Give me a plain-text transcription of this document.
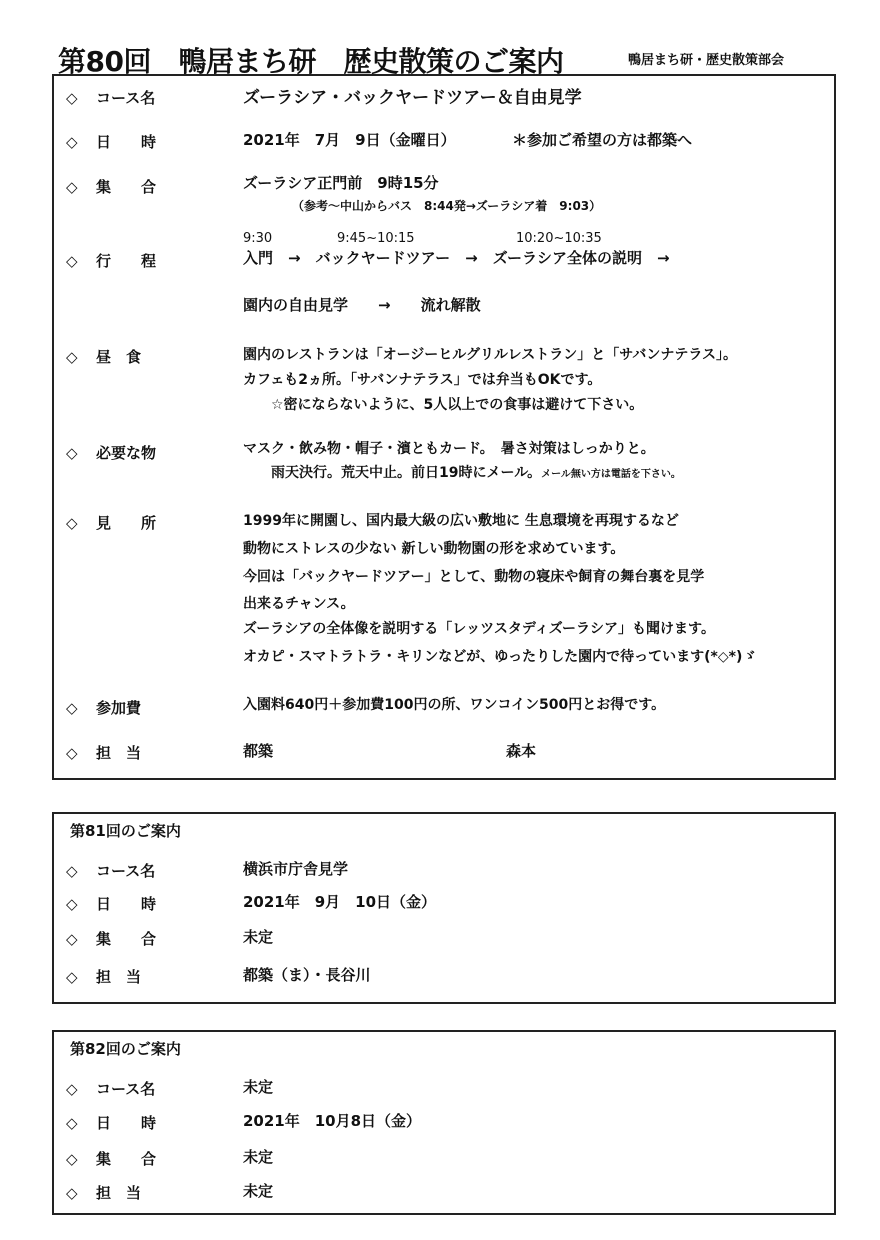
第80回　鴨居まち研　歴史散策のご案内	鴨居まち研・歴史散策部会
◇ コース名	ズーラシア・バックヤードツアー＆自由見学
◇ 日　　時	2021年　7月　9日（金曜日）	＊参加ご希望の方は都築へ
◇ 集　　合	ズーラシア正門前　9時15分
（参考～中山からバス　8:44発→ズーラシア着　9:03）
9:30	9:45~10:15	10:20~10:35
◇ 行　　程	入門　→　バックヤードツアー　→　ズーラシア全体の説明　→
園内の自由見学　　→　　流れ解散
◇ 昼　食	園内のレストランは「オージーヒルグリルレストラン」と「サバンナテラス」。
カフェも2ヵ所。「サバンナテラス」では弁当もOKです。
☆密にならないように、5人以上での食事は避けて下さい。
◇ 必要な物	マスク・飲み物・帽子・濱ともカード。　暑さ対策はしっかりと。
雨天決行。荒天中止。前日19時にメール。メール無い方は電話を下さい。
◇ 見　　所	1999年に開園し、国内最大級の広い敷地に 生息環境を再現するなど
動物にストレスの少ない 新しい動物園の形を求めています。
今回は「バックヤードツアー」として、動物の寝床や飼育の舞台裏を見学
出来るチャンス。
ズーラシアの全体像を説明する「レッツスタディズーラシア」も聞けます。
オカピ・スマトラトラ・キリンなどが、ゆったりした園内で待っています(*◇*)ゞ
◇ 参加費	入園料640円＋参加費100円の所、ワンコイン500円とお得です。
◇ 担　当	都築	森本
第81回のご案内
◇ コース名	横浜市庁舎見学
◇ 日　　時	2021年　9月　10日（金）
◇ 集　　合	未定
◇ 担　当	都築（ま）・長谷川
第82回のご案内
◇ コース名	未定
◇ 日　　時	2021年　10月8日（金）
◇ 集　　合	未定
◇ 担　当	未定
